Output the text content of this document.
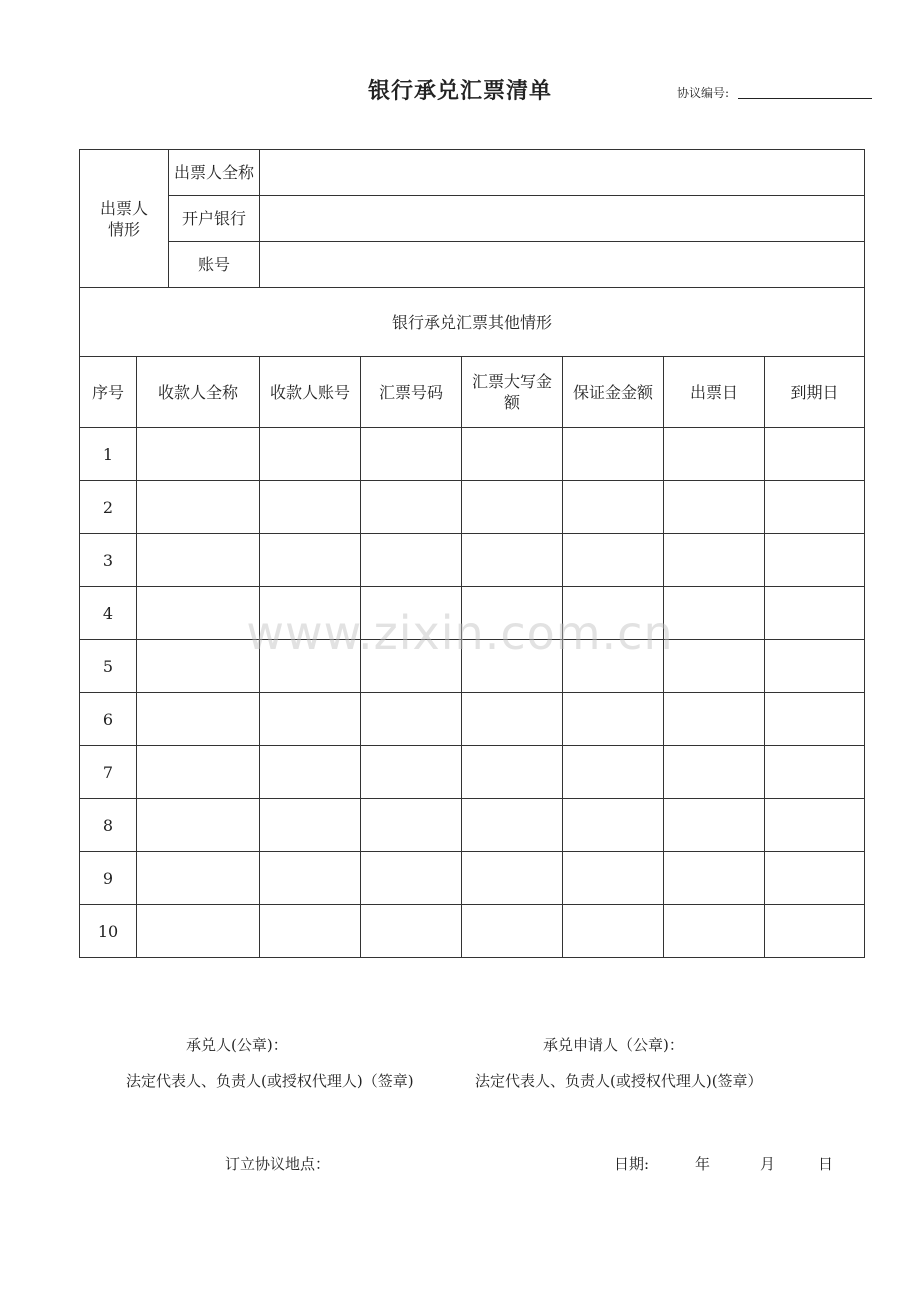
银行承兑汇票清单	协议编号:
出票人情形		出票人全称						
		开户银行						
		账号						
银行承兑汇票其他情形								
序号	收款人全称		收款人账号	汇票号码	汇票大写金额	保证金金额	出票日	到期日
1								
2								
3								
4								
5								
6								
7								
8								
9								
10								
www.zixin.com.cn
承兑人(公章)：	承兑申请人（公章)：
法定代表人、负责人(或授权代理人)（签章)	法定代表人、负责人(或授权代理人)(签章）
订立协议地点：	日期:	年	月	日
